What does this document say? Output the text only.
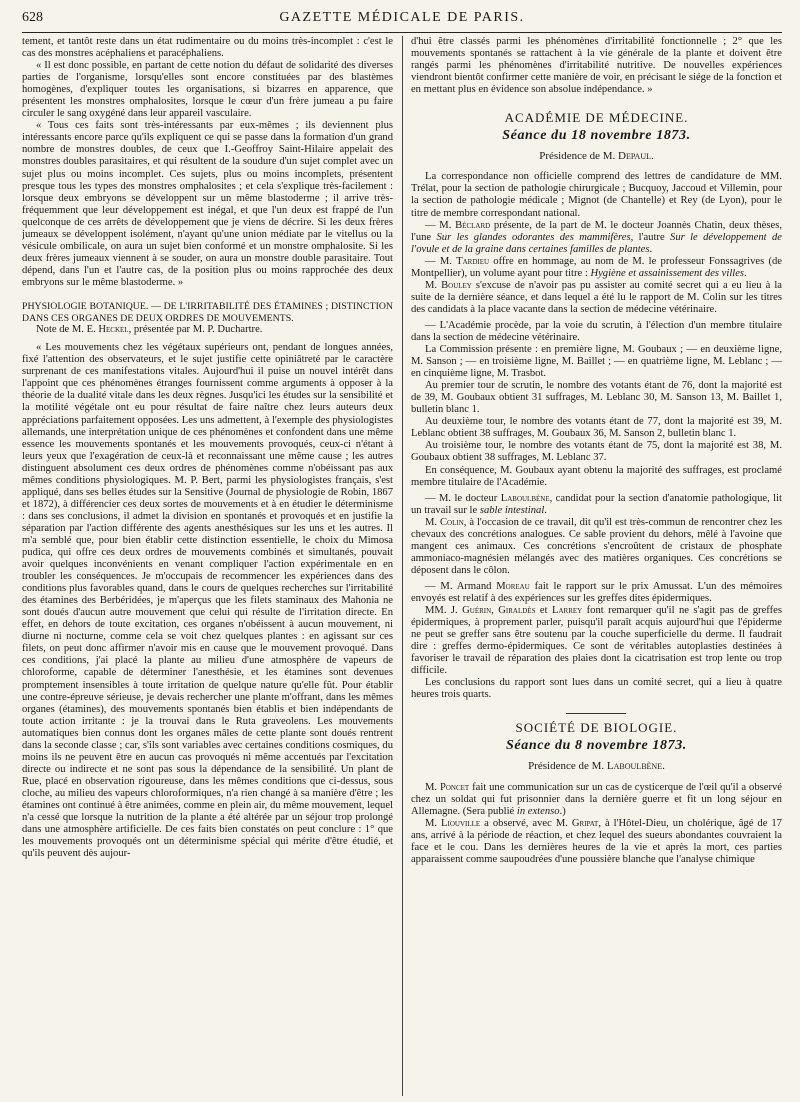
628	GAZETTE MÉDICALE DE PARIS.

tement, et tantôt reste dans un état rudimentaire ou du moins très-incomplet : c'est le cas des monstres acéphaliens et paracéphaliens.

« Il est donc possible, en partant de cette notion du défaut de solidarité des diverses parties de l'organisme, lorsqu'elles sont encore constituées par des blastèmes homogènes, d'expliquer toutes les organisations, si bizarres en apparence, que présentent les monstres omphalosites, lorsque le cœur d'un frère jumeau a pu faire circuler le sang oxygéné dans leur appareil vasculaire.

« Tous ces faits sont très-intéressants par eux-mêmes ; ils deviennent plus intéressants encore parce qu'ils expliquent ce qui se passe dans la formation d'un grand nombre de monstres doubles, de ceux que I.-Geoffroy Saint-Hilaire appelait des monstres doubles parasitaires, et qui résultent de la soudure d'un sujet complet avec un sujet plus ou moins incomplet. Ces sujets, plus ou moins incomplets, présentent presque tous les types des monstres omphalosites ; et cela s'explique très-facilement : lorsque deux embryons se développent sur un même blastoderme ; il arrive très-fréquemment que leur développement est inégal, et que l'un deux est frappé de l'un quelconque de ces arrêts de développement que je viens de décrire. Si les deux frères jumeaux se développent isolément, n'ayant qu'une union médiate par le vitellus ou la vésicule ombilicale, on aura un sujet bien conformé et un monstre omphalosite. Si les deux frères jumeaux viennent à se souder, on aura un monstre double parasitaire. Tout dépend, dans l'un et l'autre cas, de la position plus ou moins rapprochée des deux embryons sur le même blastoderme. »

PHYSIOLOGIE BOTANIQUE. — DE L'IRRITABILITÉ DES ÉTAMINES ; DISTINCTION DANS CES ORGANES DE DEUX ORDRES DE MOUVEMENTS.

Note de M. E. Heckel, présentée par M. P. Duchartre.

« Les mouvements chez les végétaux supérieurs ont, pendant de longues années, fixé l'attention des observateurs, et le sujet justifie cette opiniâtreté par le caractère surprenant de ces manifestations vitales. Aujourd'hui il puise un nouvel intérêt dans l'appoint que ces phénomènes étranges fournissent comme arguments à opposer à la théorie de la dualité vitale dans les deux règnes. Jusqu'ici les études sur la sensibilité et la motilité végétale ont eu pour résultat de faire naître chez leurs auteurs deux appréciations parfaitement opposées. Les uns admettent, à l'exemple des physiologistes allemands, une interprétation unique de ces phénomènes et confondent dans une même essence les mouvements spontanés et les mouvements provoqués, ceux-ci n'étant à leurs yeux que l'exagération de ceux-là et reconnaissant une même cause ; les autres distinguent absolument ces deux ordres de phénomènes comme n'obéissant pas aux mêmes conditions physiologiques. M. P. Bert, parmi les physiologistes français, s'est appliqué, dans ses belles études sur la Sensitive (Journal de physiologie de Robin, 1867 et 1872), à différencier ces deux sortes de mouvements et à en étudier le déterminisme : dans ses conclusions, il admet la division en spontanés et provoqués et en justifie la séparation par l'action différente des agents anesthésiques sur les uns et les autres. Il m'a semblé que, pour bien établir cette distinction essentielle, le choix du Mimosa pudica, qui offre ces deux ordres de mouvements combinés et simultanés, pouvait avoir quelques inconvénients en venant compliquer l'action expérimentale en en troubler les conséquences. Je m'occupais de recommencer les expériences dans des conditions plus favorables quand, dans le cours de quelques recherches sur l'irritabilité des étamines des Berbéridées, je m'aperçus que les filets staminaux des Mahonia ne sont doués d'aucun autre mouvement que celui qui résulte de l'irritation directe. En effet, en dehors de toute excitation, ces organes n'obéissent à aucun mouvement, ni diurne ni nocturne, comme cela se voit chez quelques plantes : en agissant sur ces filets, on peut donc affirmer n'avoir mis en cause que le mouvement provoqué. Dans ces conditions, j'ai placé la plante au milieu d'une atmosphère de vapeurs de chloroforme, capable de déterminer l'anesthésie, et les étamines sont devenues promptement insensibles à toute irritation de quelque nature qu'elle fût. Pour établir une contre-épreuve sérieuse, je devais rechercher une plante m'offrant, dans les mêmes organes (étamines), des mouvements spontanés bien établis et bien indépendants de toute action irritante : je la trouvai dans le Ruta graveolens. Les mouvements automatiques bien connus dont les organes mâles de cette plante sont doués rentrent dans la seconde classe ; car, s'ils sont variables avec certaines conditions cosmiques, du moins ils ne peuvent être en aucun cas provoqués ni même accentués par l'excitation directe ou indirecte et ne sont pas sous la dépendance de la sensibilité. Un plant de Rue, placé en observation rigoureuse, dans les mêmes conditions que ci-dessus, sous cloche, au milieu des vapeurs chloroformiques, n'a rien changé à sa manière d'être ; les étamines ont continué à être animées, comme en plein air, du même mouvement, lequel n'a cessé que lorsque la nutrition de la plante a été altérée par un séjour trop prolongé dans une atmosphère artificielle. De ces faits bien constatés on peut conclure : 1° que les mouvements provoqués ont un déterminisme spécial qui mérite d'être étudié, et qu'ils peuvent dès aujour-

d'hui être classés parmi les phénomènes d'irritabilité fonctionnelle ; 2° que les mouvements spontanés se rattachent à la vie générale de la plante et doivent être rangés parmi les phénomènes d'irritabilité nutritive. De nouvelles expériences viendront bientôt confirmer cette manière de voir, en précisant le siége de la fonction et en mettant plus en évidence son absolue indépendance. »

ACADÉMIE DE MÉDECINE.

Séance du 18 novembre 1873.

Présidence de M. Depaul.

La correspondance non officielle comprend des lettres de candidature de MM. Trélat, pour la section de pathologie chirurgicale ; Bucquoy, Jaccoud et Villemin, pour la section de pathologie médicale ; Mignot (de Chantelle) et Rey (de Lyon), pour le titre de membre correspondant national.

— M. Béclard présente, de la part de M. le docteur Joannès Chatin, deux thèses, l'une Sur les glandes odorantes des mammifères, l'autre Sur le développement de l'ovule et de la graine dans certaines familles de plantes.

— M. Tardieu offre en hommage, au nom de M. le professeur Fonssagrives (de Montpellier), un volume ayant pour titre : Hygiène et assainissement des villes.

M. Bouley s'excuse de n'avoir pas pu assister au comité secret qui a eu lieu à la suite de la dernière séance, et dans lequel a été lu le rapport de M. Colin sur les titres des candidats à la place vacante dans la section de médecine vétérinaire.

— L'Académie procède, par la voie du scrutin, à l'élection d'un membre titulaire dans la section de médecine vétérinaire.

La Commission présente : en première ligne, M. Goubaux ; — en deuxième ligne, M. Sanson ; — en troisième ligne, M. Baillet ; — en quatrième ligne, M. Leblanc ; — en cinquième ligne, M. Trasbot.

Au premier tour de scrutin, le nombre des votants étant de 76, dont la majorité est de 39, M. Goubaux obtient 31 suffrages, M. Leblanc 30, M. Sanson 13, M. Baillet 1, bulletin blanc 1.

Au deuxième tour, le nombre des votants étant de 77, dont la majorité est 39, M. Leblanc obtient 38 suffrages, M. Goubaux 36, M. Sanson 2, bulletin blanc 1.

Au troisième tour, le nombre des votants étant de 75, dont la majorité est 38, M. Goubaux obtient 38 suffrages, M. Leblanc 37.

En conséquence, M. Goubaux ayant obtenu la majorité des suffrages, est proclamé membre titulaire de l'Académie.

— M. le docteur Laboulbène, candidat pour la section d'anatomie pathologique, lit un travail sur le sable intestinal.

M. Colin, à l'occasion de ce travail, dit qu'il est très-commun de rencontrer chez les chevaux des concrétions analogues. Ce sable provient du dehors, mêlé à l'avoine que mangent ces animaux. Ces concrétions s'encroûtent de cristaux de phosphate ammoniaco-magnésien mélangés avec des matières organiques. Ces concrétions se déposent dans le côlon.

— M. Armand Moreau fait le rapport sur le prix Amussat. L'un des mémoires envoyés est relatif à des expériences sur les greffes dites épidermiques.

MM. J. Guérin, Giraldès et Larrey font remarquer qu'il ne s'agit pas de greffes épidermiques, à proprement parler, puisqu'il paraît acquis aujourd'hui que l'épiderme ne peut se greffer sans être soutenu par la couche superficielle du derme. Il faudrait dire : greffes dermo-épidermiques. Ce sont de véritables autoplasties destinées à favoriser le travail de réparation des plaies dont la cicatrisation est trop lente ou trop difficile.

Les conclusions du rapport sont lues dans un comité secret, qui a lieu à quatre heures trois quarts.

SOCIÉTÉ DE BIOLOGIE.

Séance du 8 novembre 1873.

Présidence de M. Laboulbène.

M. Poncet fait une communication sur un cas de cysticerque de l'œil qu'il a observé chez un soldat qui fut prisonnier dans la dernière guerre et fit un long séjour en Allemagne. (Sera publié in extenso.)

M. Liouville a observé, avec M. Gripat, à l'Hôtel-Dieu, un cholérique, âgé de 17 ans, arrivé à la période de réaction, et chez lequel des sueurs abondantes couvraient la face et le cou. Dans les dernières heures de la vie et après la mort, ces parties apparaissent comme saupoudrées d'une poussière blanche que l'analyse chimique
